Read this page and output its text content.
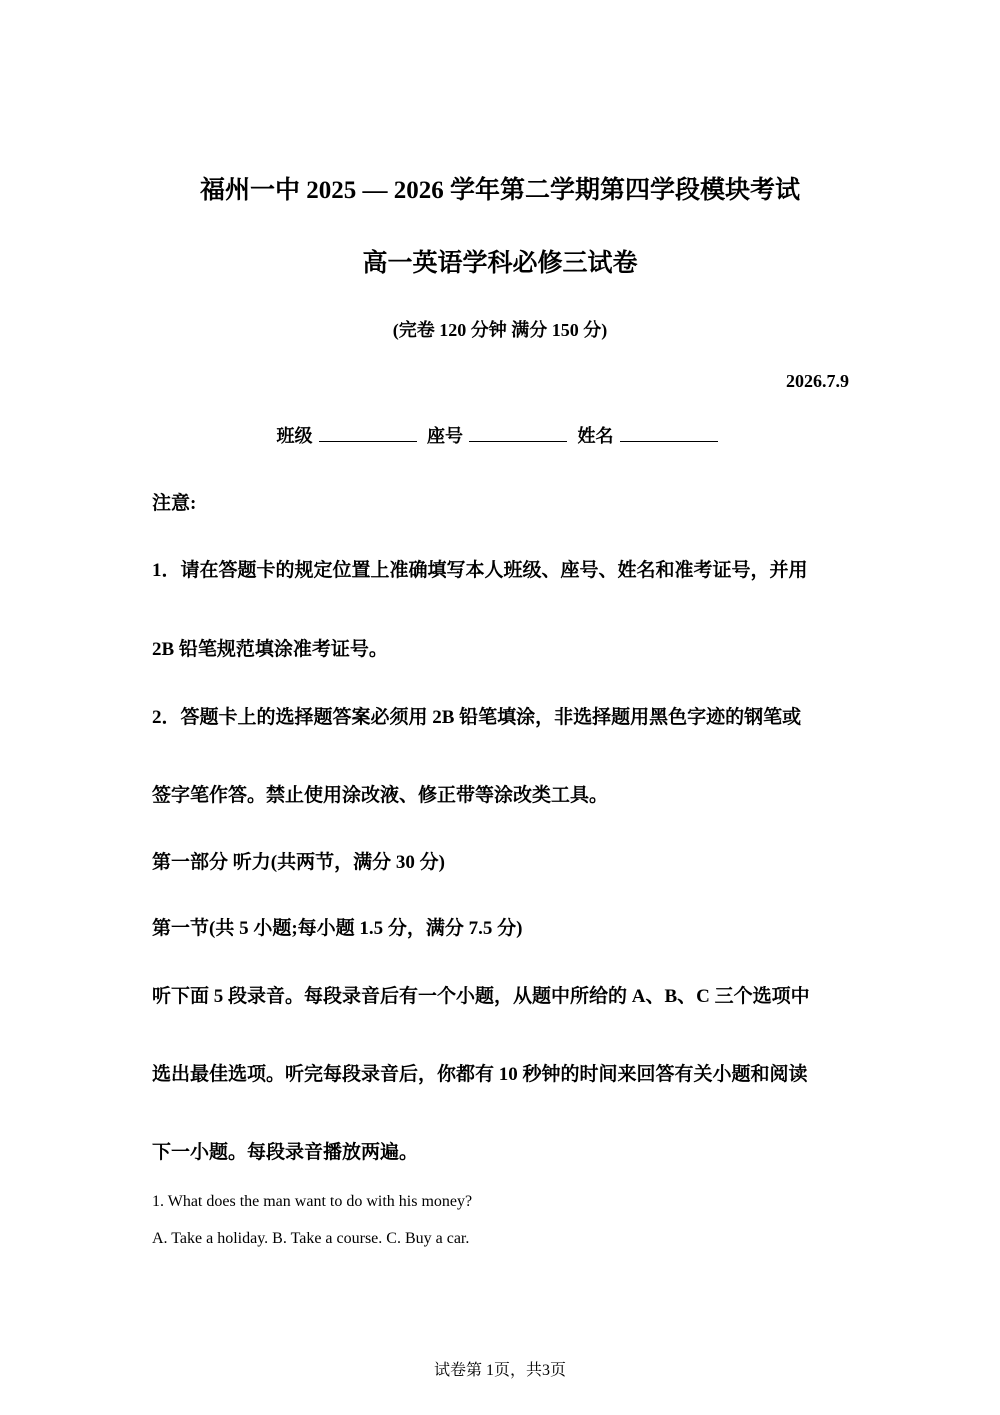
福州一中 2025 — 2026 学年第二学期第四学段模块考试
高一英语学科必修三试卷
(完卷 120 分钟 满分 150 分)
2026.7.9
班级	座号	姓名
注意:
1．请在答题卡的规定位置上准确填写本人班级、座号、姓名和准考证号，并用
2B 铅笔规范填涂准考证号。
2．答题卡上的选择题答案必须用 2B 铅笔填涂，非选择题用黑色字迹的钢笔或
签字笔作答。禁止使用涂改液、修正带等涂改类工具。
第一部分 听力(共两节，满分 30 分)
第一节(共 5 小题;每小题 1.5 分，满分 7.5 分)
听下面 5 段录音。每段录音后有一个小题，从题中所给的 A、B、C 三个选项中
选出最佳选项。听完每段录音后，你都有 10 秒钟的时间来回答有关小题和阅读
下一小题。每段录音播放两遍。
1. What does the man want to do with his money?
A. Take a holiday. B. Take a course. C. Buy a car.
试卷第 1页，共3页
